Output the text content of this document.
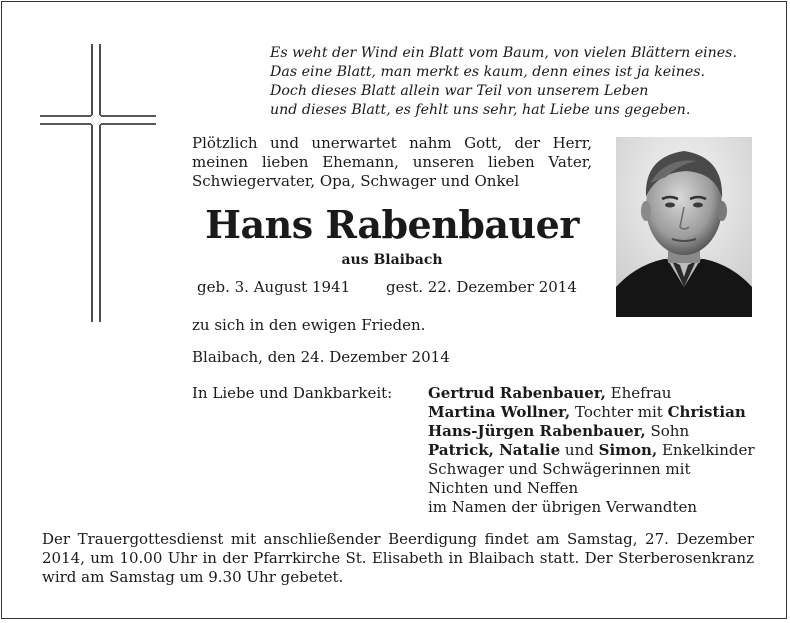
Es weht der Wind ein Blatt vom Baum, von vielen Blättern eines.
Das eine Blatt, man merkt es kaum, denn eines ist ja keines.
Doch dieses Blatt allein war Teil von unserem Leben
und dieses Blatt, es fehlt uns sehr, hat Liebe uns gegeben.
Plötzlich und unerwartet nahm Gott, der Herr, meinen lieben Ehemann, unseren lieben Vater, Schwiegervater, Opa, Schwager und Onkel
Hans Rabenbauer
aus Blaibach
geb. 3. August 1941 gest. 22. Dezember 2014
zu sich in den ewigen Frieden.
Blaibach, den 24. Dezember 2014
In Liebe und Dankbarkeit: Gertrud Rabenbauer, Ehefrau
Martina Wollner, Tochter mit Christian
Hans-Jürgen Rabenbauer, Sohn
Patrick, Natalie und Simon, Enkelkinder
Schwager und Schwägerinnen mit
Nichten und Neffen
im Namen der übrigen Verwandten
Der Trauergottesdienst mit anschließender Beerdigung findet am Samstag, 27. Dezember 2014, um 10.00 Uhr in der Pfarrkirche St. Elisabeth in Blaibach statt. Der Sterberosenkranz wird am Samstag um 9.30 Uhr gebetet.
